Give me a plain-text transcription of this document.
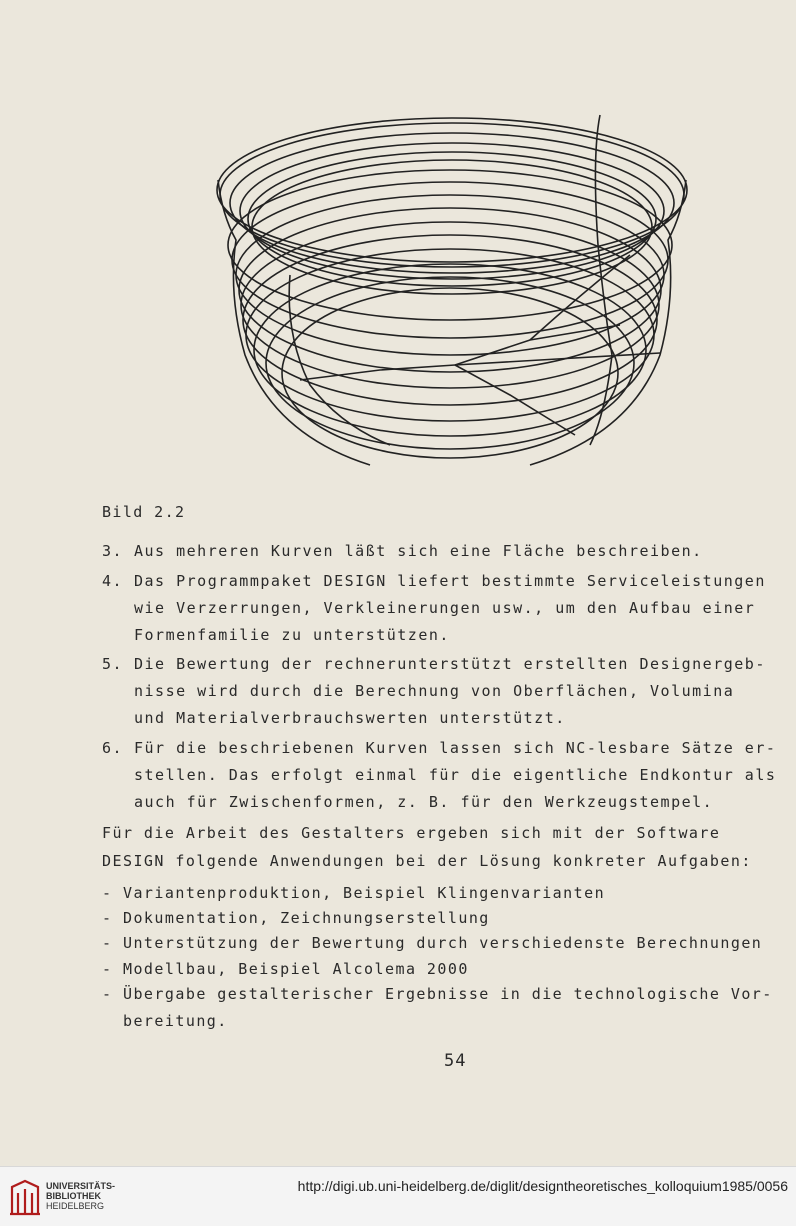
Bild 2.2
3. Aus mehreren Kurven läßt sich eine Fläche beschreiben.
4. Das Programmpaket DESIGN liefert bestimmte Serviceleistungen
wie Verzerrungen, Verkleinerungen usw., um den Aufbau einer
Formenfamilie zu unterstützen.
5. Die Bewertung der rechnerunterstützt erstellten Designergeb-
nisse wird durch die Berechnung von Oberflächen, Volumina
und Materialverbrauchswerten unterstützt.
6. Für die beschriebenen Kurven lassen sich NC-lesbare Sätze er-
stellen. Das erfolgt einmal für die eigentliche Endkontur als
auch für Zwischenformen, z. B. für den Werkzeugstempel.
Für die Arbeit des Gestalters ergeben sich mit der Software
DESIGN folgende Anwendungen bei der Lösung konkreter Aufgaben:
- Variantenproduktion, Beispiel Klingenvarianten
- Dokumentation, Zeichnungserstellung
- Unterstützung der Bewertung durch verschiedenste Berechnungen
- Modellbau, Beispiel Alcolema 2000
- Übergabe gestalterischer Ergebnisse in die technologische Vor-
bereitung.
54
UNIVERSITÄTS-
BIBLIOTHEK
HEIDELBERG
http://digi.ub.uni-heidelberg.de/diglit/designtheoretisches_kolloquium1985/0056
